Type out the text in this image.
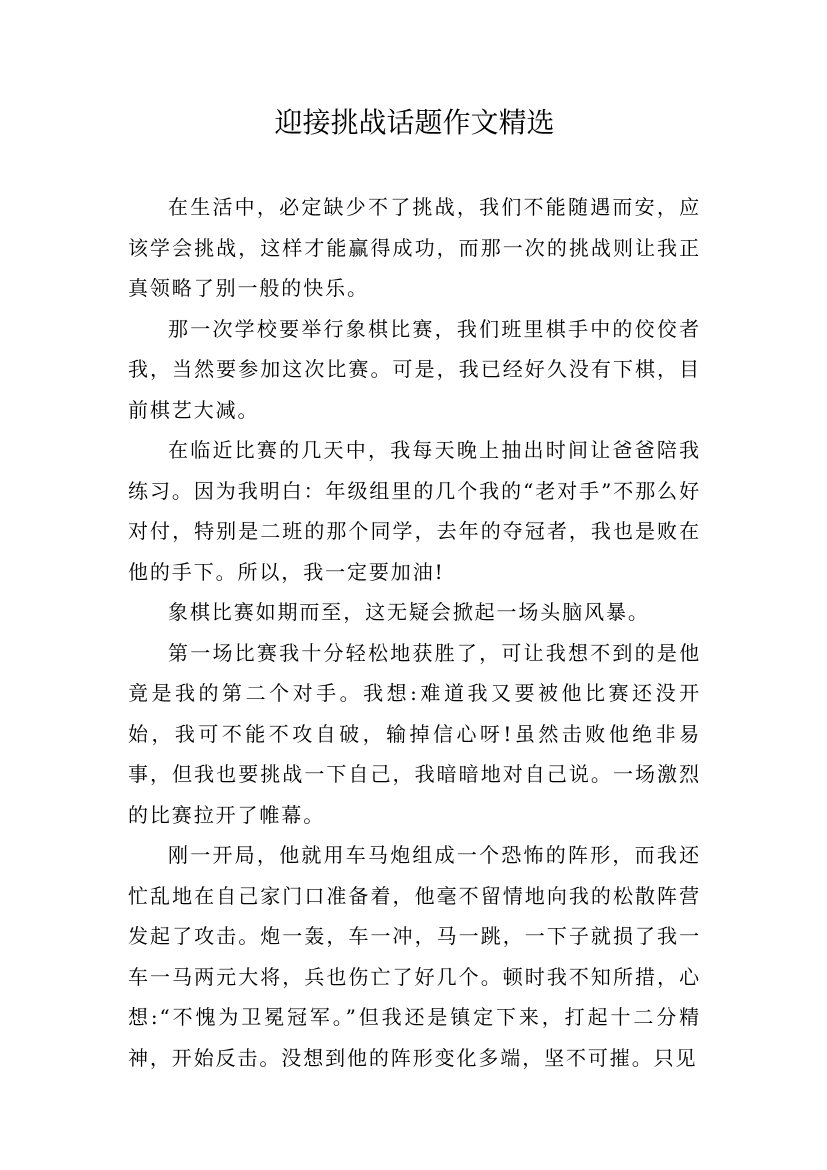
迎接挑战话题作文精选

在生活中，必定缺少不了挑战，我们不能随遇而安，应该学会挑战，这样才能赢得成功，而那一次的挑战则让我正真领略了别一般的快乐。

那一次学校要举行象棋比赛，我们班里棋手中的佼佼者我，当然要参加这次比赛。可是，我已经好久没有下棋，目前棋艺大减。

在临近比赛的几天中，我每天晚上抽出时间让爸爸陪我练习。因为我明白：年级组里的几个我的“老对手”不那么好对付，特别是二班的那个同学，去年的夺冠者，我也是败在他的手下。所以，我一定要加油!

象棋比赛如期而至，这无疑会掀起一场头脑风暴。

第一场比赛我十分轻松地获胜了，可让我想不到的是他竟是我的第二个对手。我想:难道我又要被他比赛还没开始，我可不能不攻自破，输掉信心呀!虽然击败他绝非易事，但我也要挑战一下自己，我暗暗地对自己说。一场激烈的比赛拉开了帷幕。

刚一开局，他就用车马炮组成一个恐怖的阵形，而我还忙乱地在自己家门口准备着，他毫不留情地向我的松散阵营发起了攻击。炮一轰，车一冲，马一跳，一下子就损了我一车一马两元大将，兵也伤亡了好几个。顿时我不知所措，心想:“不愧为卫冕冠军。”但我还是镇定下来，打起十二分精神，开始反击。没想到他的阵形变化多端，坚不可摧。只见
